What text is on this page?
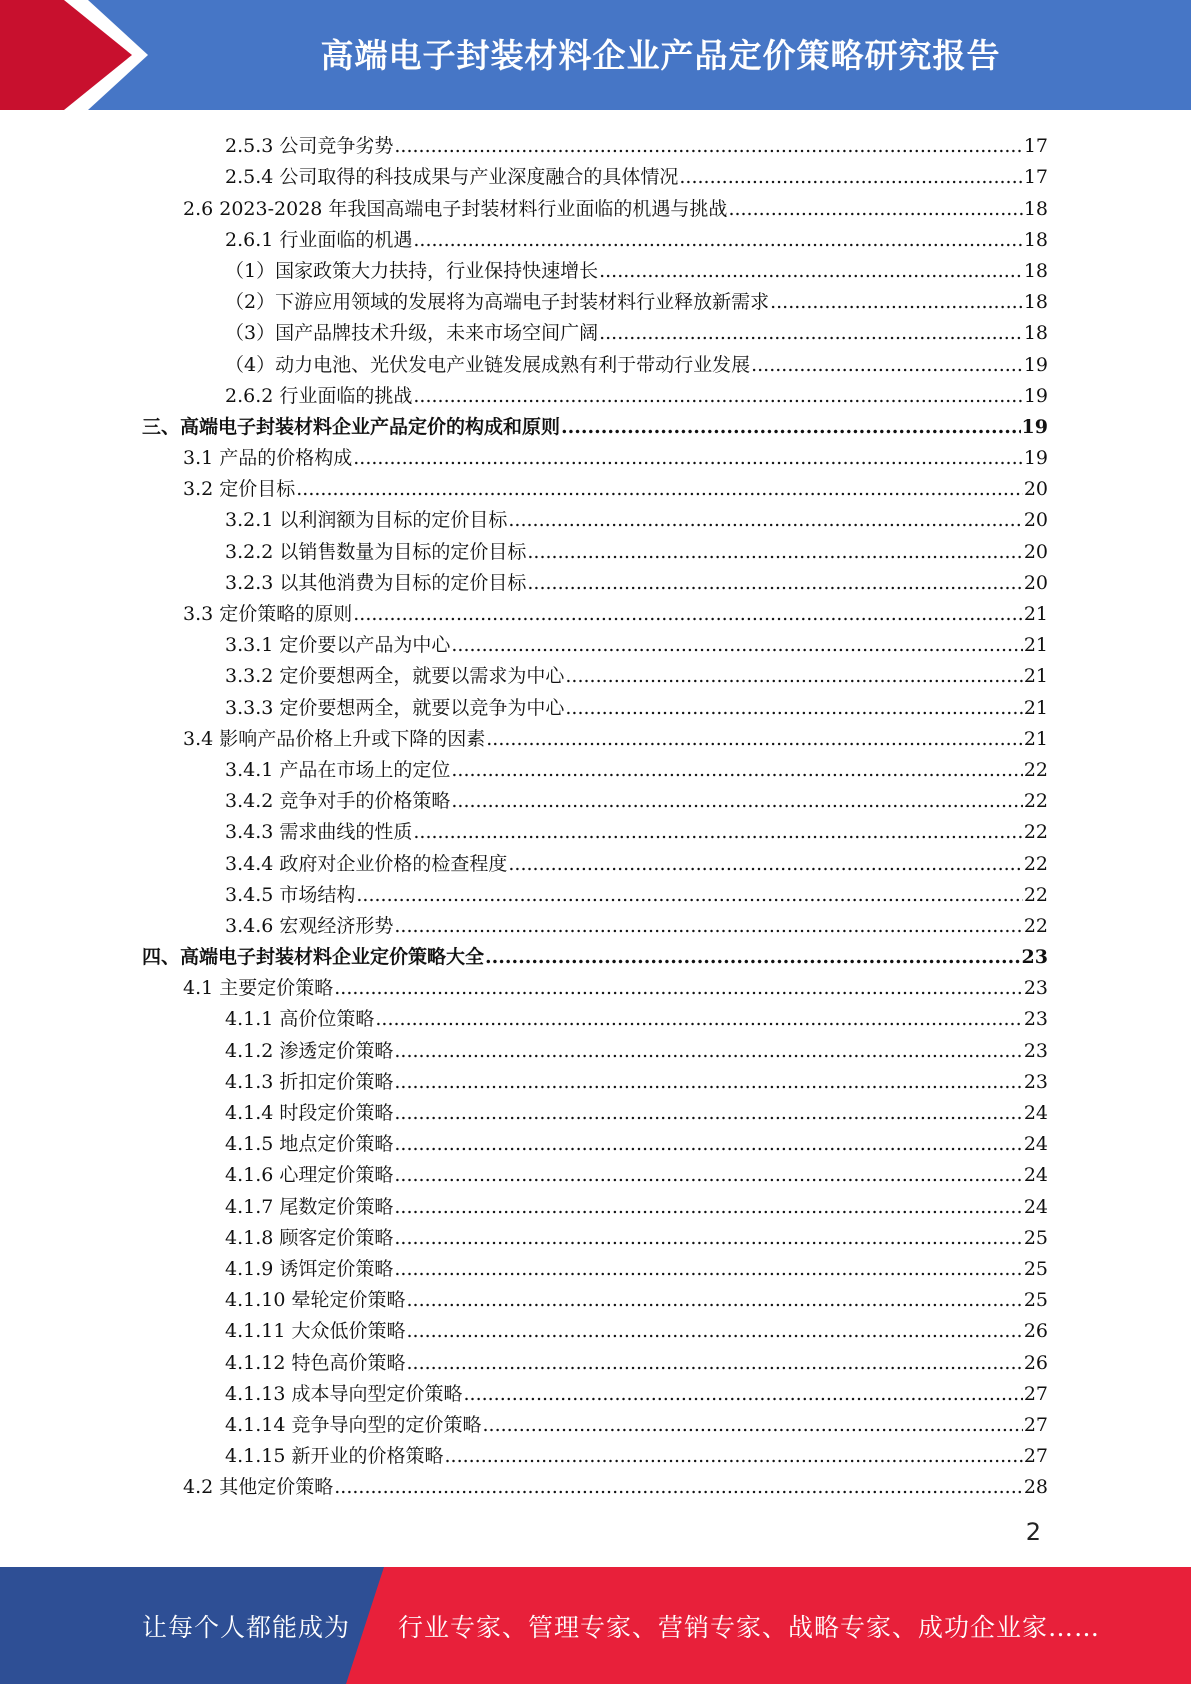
高端电子封装材料企业产品定价策略研究报告
2.5.3 公司竞争劣势 .....	17
2.5.4 公司取得的科技成果与产业深度融合的具体情况 .....	17
2.6 2023-2028 年我国高端电子封装材料行业面临的机遇与挑战 .....	18
2.6.1 行业面临的机遇 .....	18
（1）国家政策大力扶持，行业保持快速增长 .....	18
（2）下游应用领域的发展将为高端电子封装材料行业释放新需求 .....	18
（3）国产品牌技术升级，未来市场空间广阔 .....	18
（4）动力电池、光伏发电产业链发展成熟有利于带动行业发展 .....	19
2.6.2 行业面临的挑战 .....	19
三、高端电子封装材料企业产品定价的构成和原则 .....	19
3.1 产品的价格构成 .....	19
3.2 定价目标 .....	20
3.2.1 以利润额为目标的定价目标 .....	20
3.2.2 以销售数量为目标的定价目标 .....	20
3.2.3 以其他消费为目标的定价目标 .....	20
3.3 定价策略的原则 .....	21
3.3.1 定价要以产品为中心 .....	21
3.3.2 定价要想两全，就要以需求为中心 .....	21
3.3.3 定价要想两全，就要以竞争为中心 .....	21
3.4 影响产品价格上升或下降的因素 .....	21
3.4.1 产品在市场上的定位 .....	22
3.4.2 竞争对手的价格策略 .....	22
3.4.3 需求曲线的性质 .....	22
3.4.4 政府对企业价格的检查程度 .....	22
3.4.5 市场结构 .....	22
3.4.6 宏观经济形势 .....	22
四、高端电子封装材料企业定价策略大全 .....	23
4.1 主要定价策略 .....	23
4.1.1 高价位策略 .....	23
4.1.2 渗透定价策略 .....	23
4.1.3 折扣定价策略 .....	23
4.1.4 时段定价策略 .....	24
4.1.5 地点定价策略 .....	24
4.1.6 心理定价策略 .....	24
4.1.7 尾数定价策略 .....	24
4.1.8 顾客定价策略 .....	25
4.1.9 诱饵定价策略 .....	25
4.1.10 晕轮定价策略 .....	25
4.1.11 大众低价策略 .....	26
4.1.12 特色高价策略 .....	26
4.1.13 成本导向型定价策略 .....	27
4.1.14 竞争导向型的定价策略 .....	27
4.1.15 新开业的价格策略 .....	27
4.2 其他定价策略 .....	28
2
让每个人都能成为 行业专家、管理专家、营销专家、战略专家、成功企业家……
